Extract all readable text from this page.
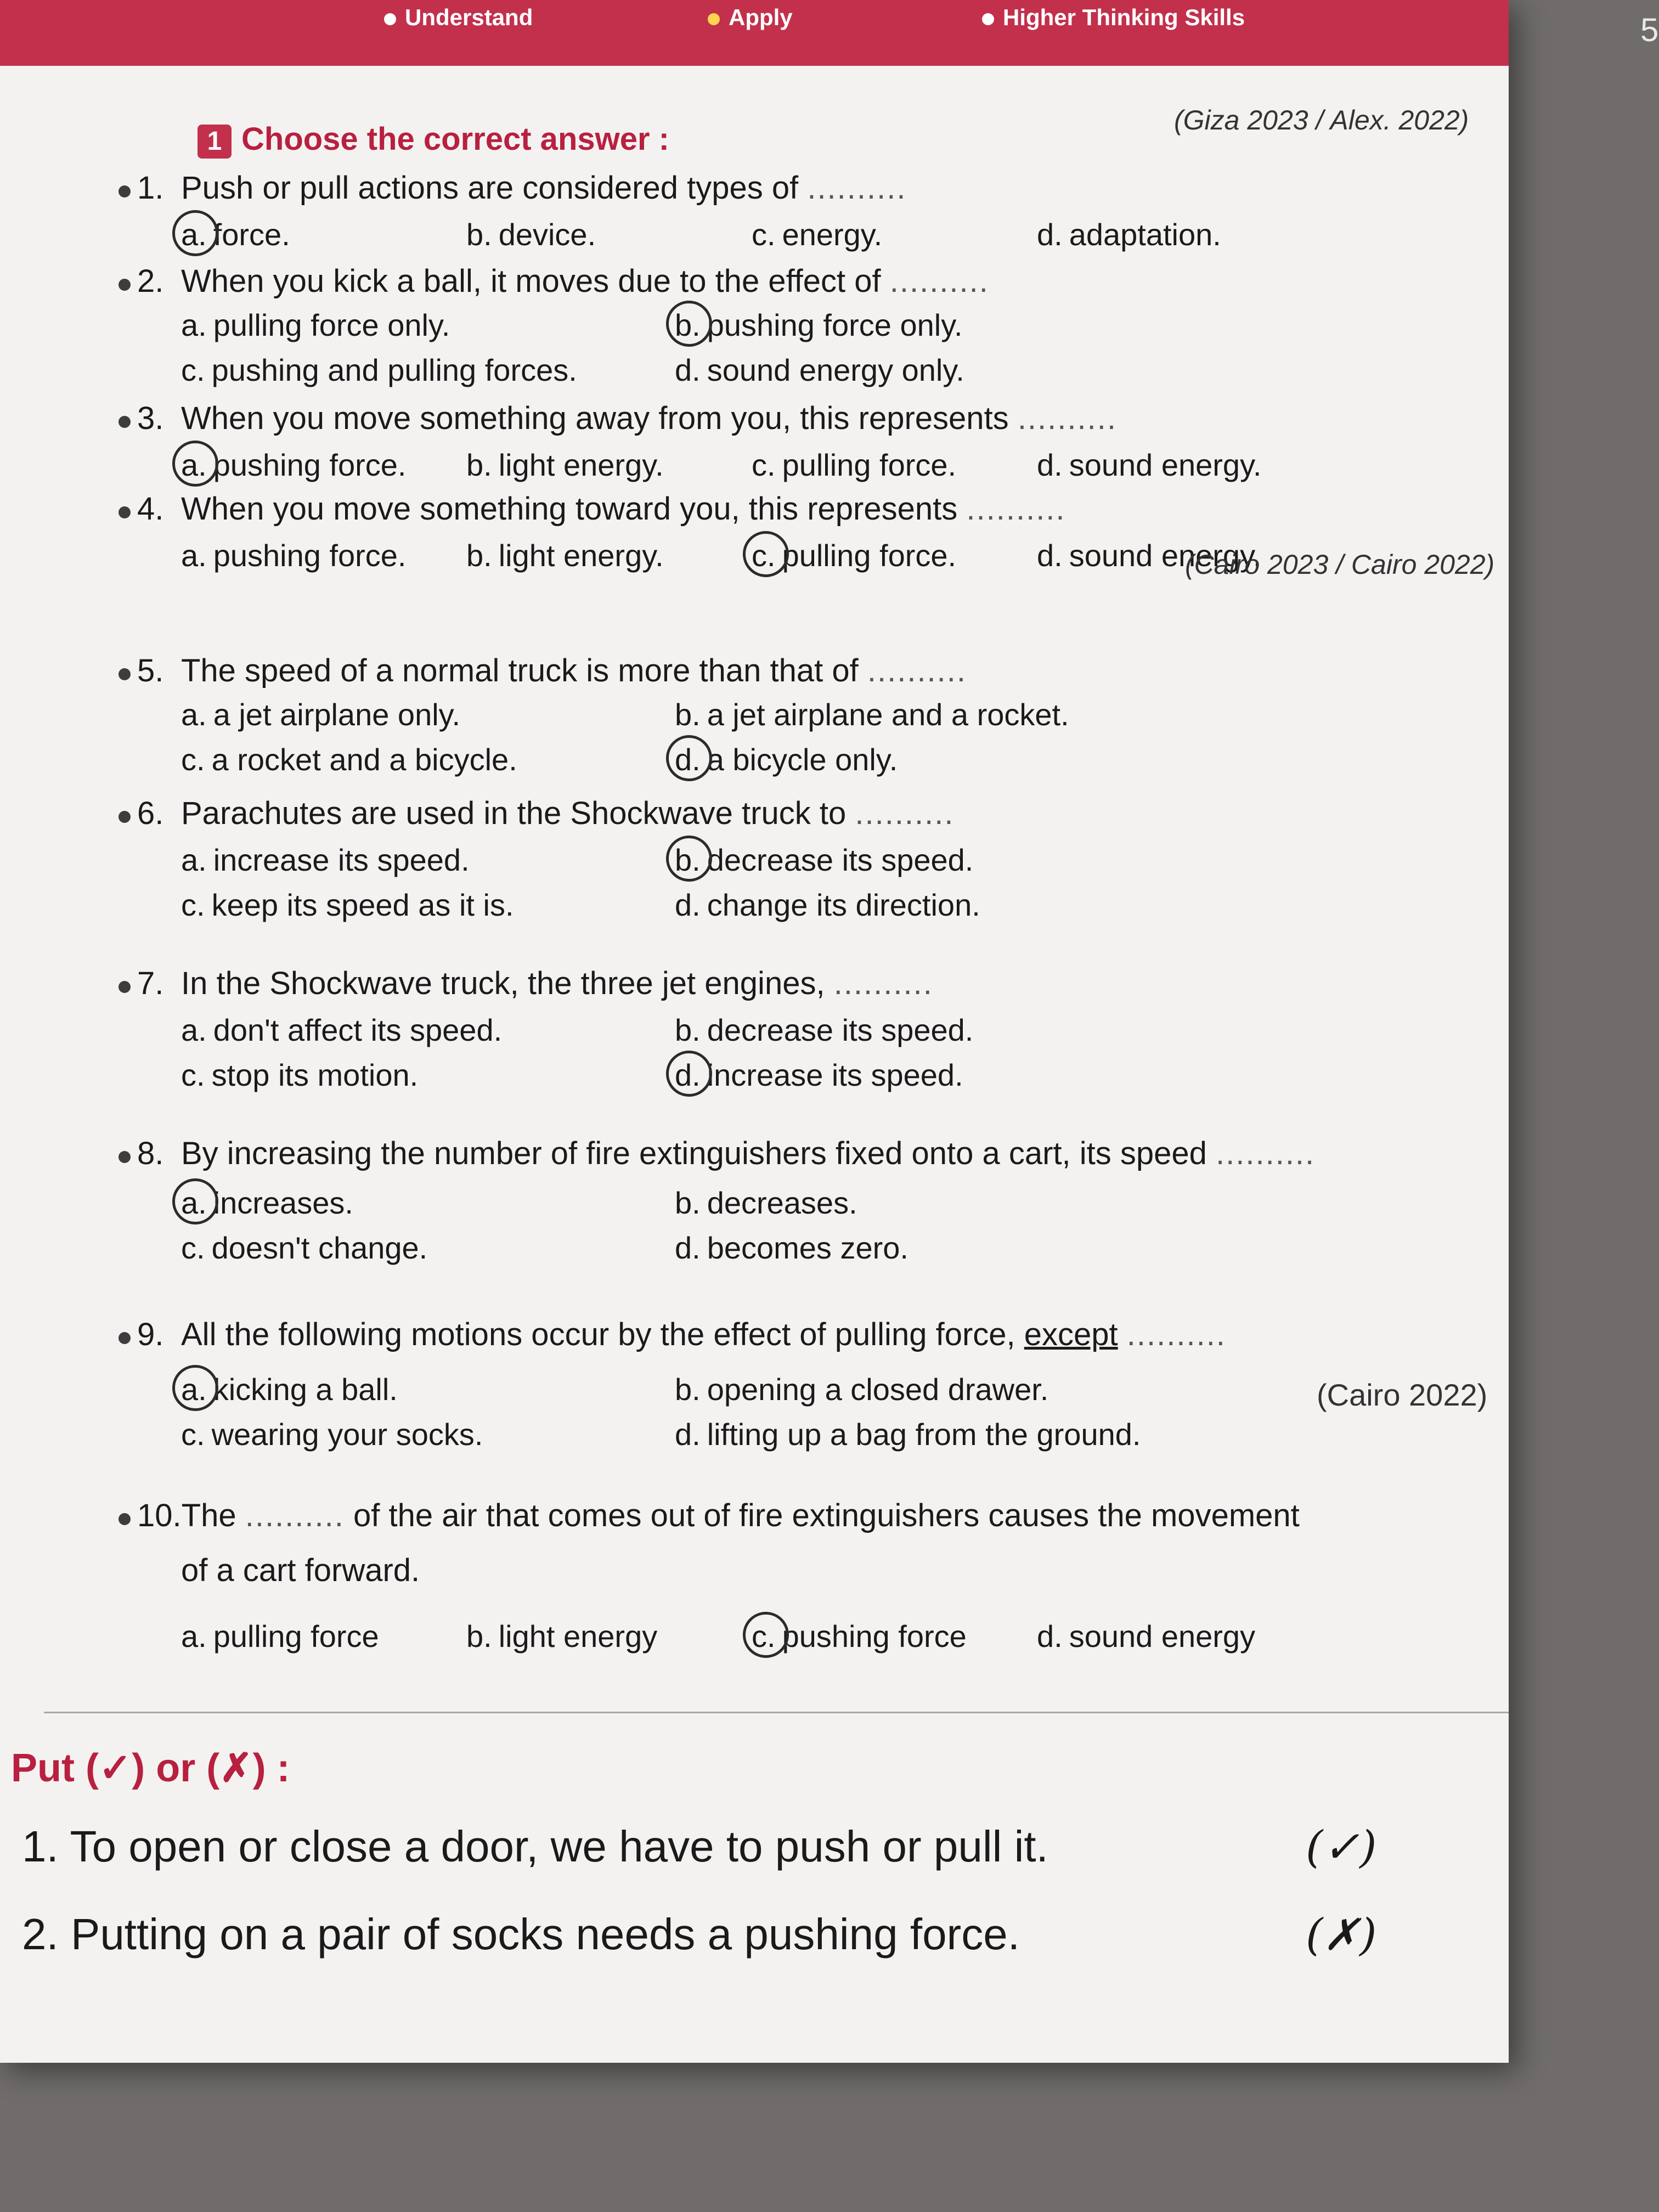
Understand	Apply	Higher Thinking Skills
1 Choose the correct answer :
(Giza 2023 / Alex. 2022)
1. Push or pull actions are considered types of ..........
a. force.	b. device.	c. energy.	d. adaptation.
2. When you kick a ball, it moves due to the effect of ..........
a. pulling force only.	b. pushing force only.
c. pushing and pulling forces.	d. sound energy only.
3. When you move something away from you, this represents ..........
a. pushing force. b. light energy.	c. pulling force.	d. sound energy.
4. When you move something toward you, this represents ..........
a. pushing force. b. light energy.	c. pulling force.	d. sound energy.
(Cairo 2023 / Cairo 2022)
5. The speed of a normal truck is more than that of ..........
a. a jet airplane only.	b. a jet airplane and a rocket.
c. a rocket and a bicycle.	d. a bicycle only.
6. Parachutes are used in the Shockwave truck to ..........
a. increase its speed.	b. decrease its speed.
c. keep its speed as it is.	d. change its direction.
7. In the Shockwave truck, the three jet engines, ..........
a. don't affect its speed.	b. decrease its speed.
c. stop its motion.	d. increase its speed.
8. By increasing the number of fire extinguishers fixed onto a cart, its speed ..........
a. increases.	b. decreases.
c. doesn't change.	d. becomes zero.
9. All the following motions occur by the effect of pulling force, except ..........
a. kicking a ball.	b. opening a closed drawer.
c. wearing your socks.	d. lifting up a bag from the ground.
(Cairo 2022)
10.The .......... of the air that comes out of fire extinguishers causes the movement
of a cart forward.
a. pulling force	b. light energy	c. pushing force d. sound energy
Put (✓) or (✗) :
1. To open or close a door, we have to push or pull it.	(✓)
2. Putting on a pair of socks needs a pushing force.	(✗)
5
